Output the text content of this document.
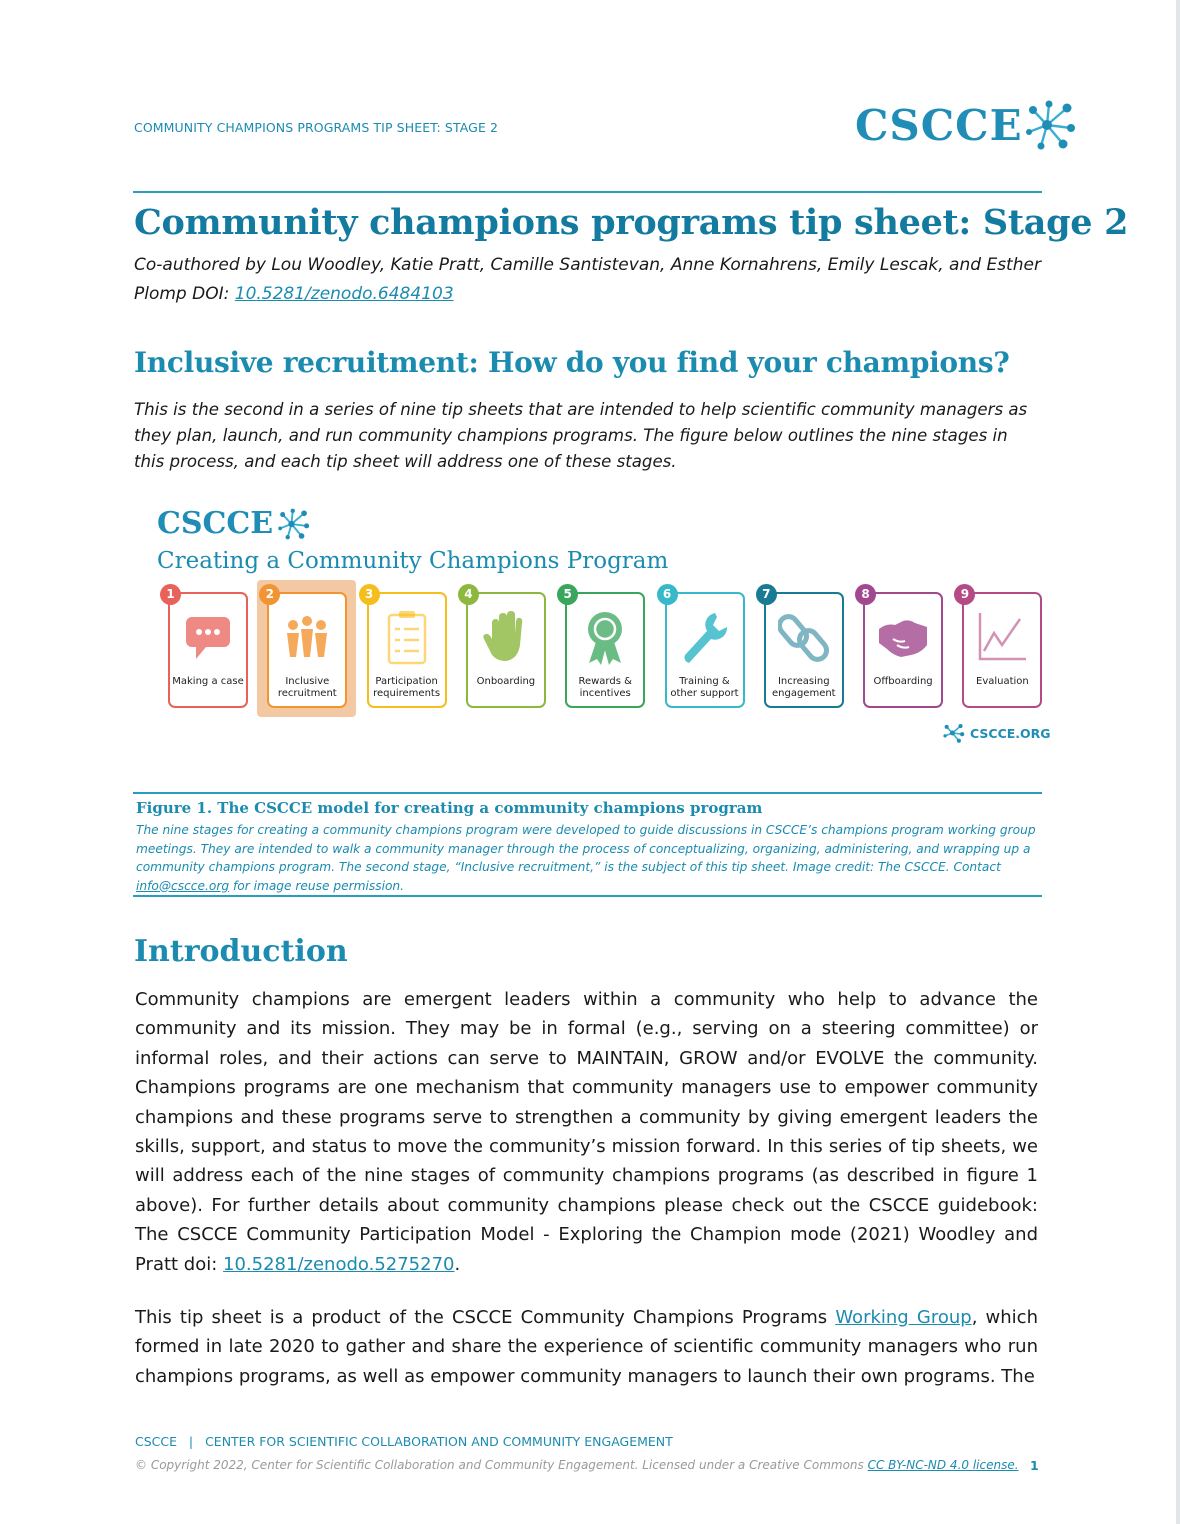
COMMUNITY CHAMPIONS PROGRAMS TIP SHEET: STAGE 2	CSCCE
Community champions programs tip sheet: Stage 2
Co-authored by Lou Woodley, Katie Pratt, Camille Santistevan, Anne Kornahrens, Emily Lescak, and Esther Plomp DOI: 10.5281/zenodo.6484103
Inclusive recruitment: How do you find your champions?
This is the second in a series of nine tip sheets that are intended to help scientific community managers as they plan, launch, and run community champions programs. The figure below outlines the nine stages in this process, and each tip sheet will address one of these stages.
CSCCE
Creating a Community Champions Program
1
Making a case
2
Inclusive
recruitment
3
Participation
requirements
4
Onboarding
5
Rewards &
incentives
6
Training &
other support
7
Increasing
engagement
8
Offboarding
9
Evaluation
CSCCE.ORG
Figure 1. The CSCCE model for creating a community champions program
The nine stages for creating a community champions program were developed to guide discussions in CSCCE’s champions program working group meetings. They are intended to walk a community manager through the process of conceptualizing, organizing, administering, and wrapping up a community champions program. The second stage, “Inclusive recruitment,” is the subject of this tip sheet. Image credit: The CSCCE. Contact info@cscce.org for image reuse permission.
Introduction
Community champions are emergent leaders within a community who help to advance the community and its mission. They may be in formal (e.g., serving on a steering committee) or informal roles, and their actions can serve to MAINTAIN, GROW and/or EVOLVE the community. Champions programs are one mechanism that community managers use to empower community champions and these programs serve to strengthen a community by giving emergent leaders the skills, support, and status to move the community’s mission forward. In this series of tip sheets, we will address each of the nine stages of community champions programs (as described in figure 1 above). For further details about community champions please check out the CSCCE guidebook: The CSCCE Community Participation Model - Exploring the Champion mode (2021) Woodley and Pratt doi: 10.5281/zenodo.5275270.
This tip sheet is a product of the CSCCE Community Champions Programs Working Group, which formed in late 2020 to gather and share the experience of scientific community managers who run champions programs, as well as empower community managers to launch their own programs. The
CSCCE   |   CENTER FOR SCIENTIFIC COLLABORATION AND COMMUNITY ENGAGEMENT
© Copyright 2022, Center for Scientific Collaboration and Community Engagement. Licensed under a Creative Commons CC BY-NC-ND 4.0 license. 1
